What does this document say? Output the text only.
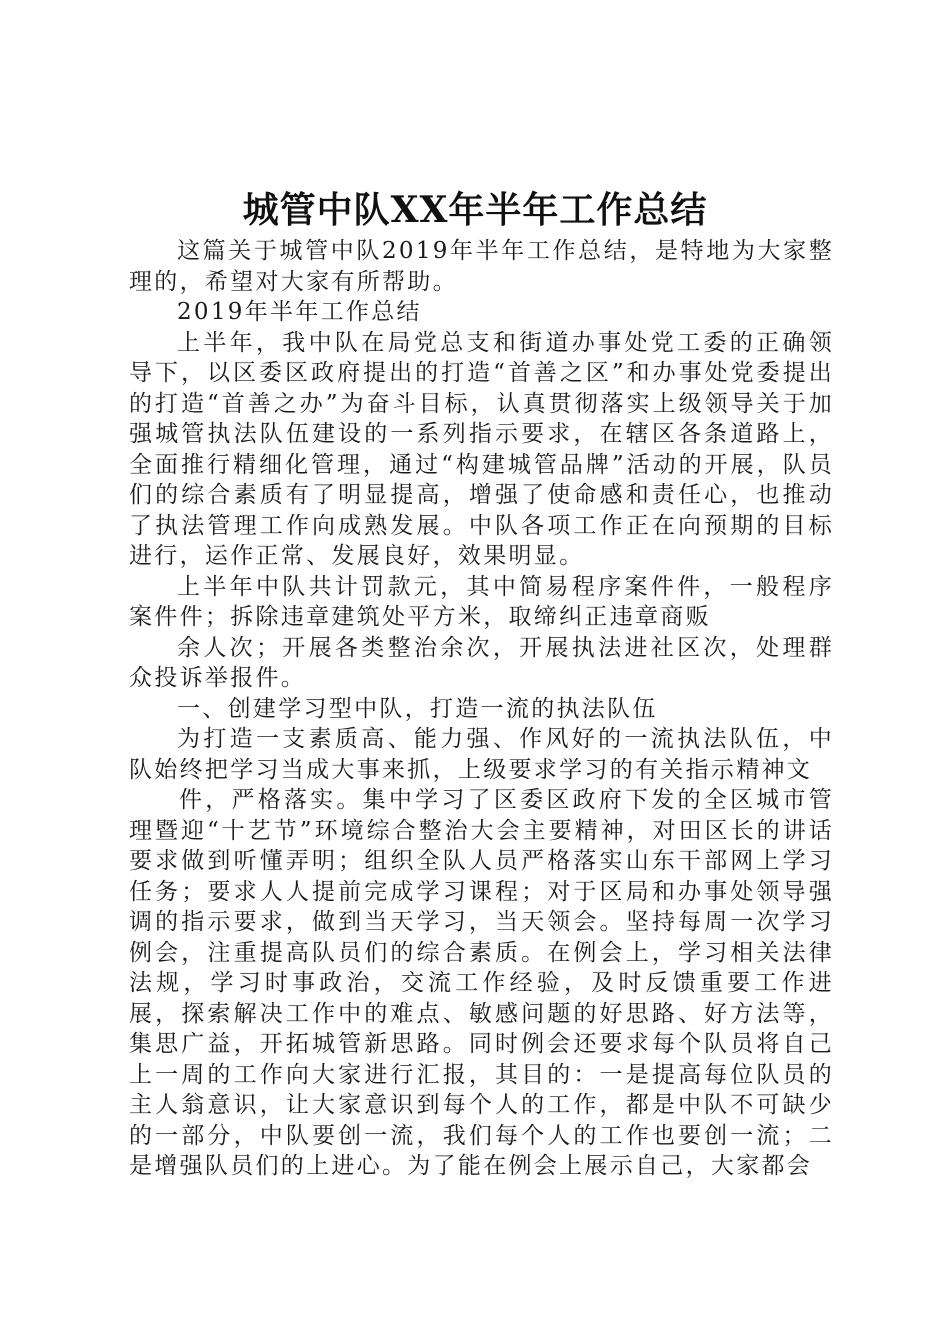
城管中队XX年半年工作总结

这篇关于城管中队2019年半年工作总结，是特地为大家整理的，希望对大家有所帮助。

2019年半年工作总结

上半年，我中队在局党总支和街道办事处党工委的正确领导下，以区委区政府提出的打造“首善之区”和办事处党委提出的打造“首善之办”为奋斗目标，认真贯彻落实上级领导关于加强城管执法队伍建设的一系列指示要求，在辖区各条道路上，全面推行精细化管理，通过“构建城管品牌”活动的开展，队员们的综合素质有了明显提高，增强了使命感和责任心，也推动了执法管理工作向成熟发展。中队各项工作正在向预期的目标进行，运作正常、发展良好，效果明显。

上半年中队共计罚款元，其中简易程序案件件，一般程序案件件；拆除违章建筑处平方米，取缔纠正违章商贩

余人次；开展各类整治余次，开展执法进社区次，处理群众投诉举报件。

一、创建学习型中队，打造一流的执法队伍

为打造一支素质高、能力强、作风好的一流执法队伍，中队始终把学习当成大事来抓，上级要求学习的有关指示精神文

件，严格落实。集中学习了区委区政府下发的全区城市管理暨迎“十艺节”环境综合整治大会主要精神，对田区长的讲话要求做到听懂弄明；组织全队人员严格落实山东干部网上学习任务；要求人人提前完成学习课程；对于区局和办事处领导强调的指示要求，做到当天学习，当天领会。坚持每周一次学习例会，注重提高队员们的综合素质。在例会上，学习相关法律法规，学习时事政治，交流工作经验，及时反馈重要工作进展，探索解决工作中的难点、敏感问题的好思路、好方法等，集思广益，开拓城管新思路。同时例会还要求每个队员将自己上一周的工作向大家进行汇报，其目的：一是提高每位队员的主人翁意识，让大家意识到每个人的工作，都是中队不可缺少的一部分，中队要创一流，我们每个人的工作也要创一流；二是增强队员们的上进心。为了能在例会上展示自己，大家都会
